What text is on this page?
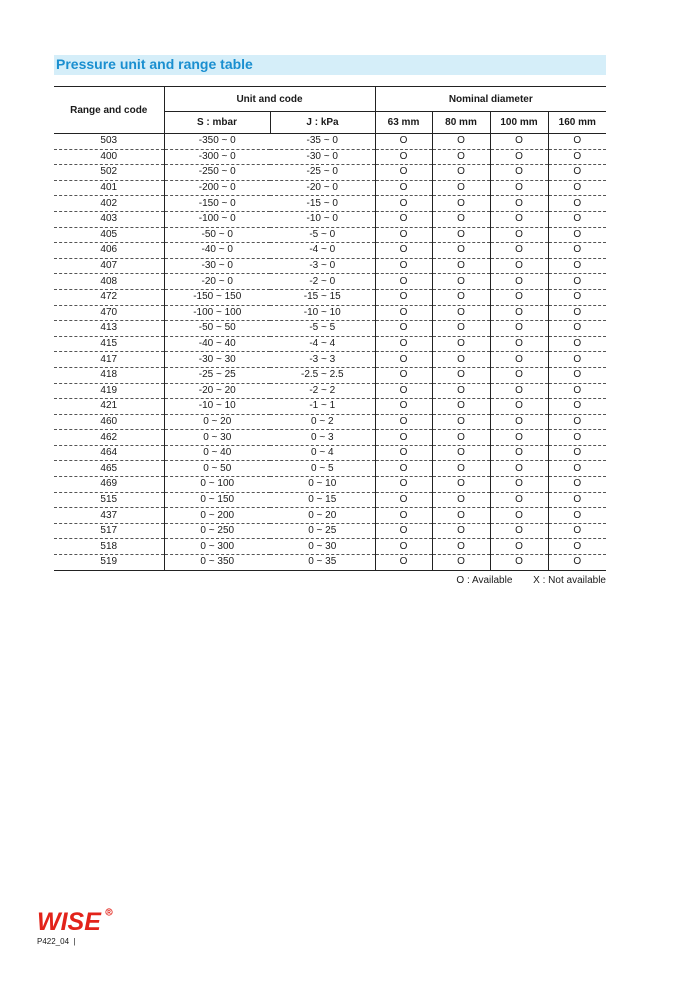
Pressure unit and range table
Range and code	Unit and code		Nominal diameter			
	S : mbar	J : kPa	63 mm	80 mm	100 mm	160 mm
503	-350 ~ 0	-35 ~ 0	O	O	O	O
400	-300 ~ 0	-30 ~ 0	O	O	O	O
502	-250 ~ 0	-25 ~ 0	O	O	O	O
401	-200 ~ 0	-20 ~ 0	O	O	O	O
402	-150 ~ 0	-15 ~ 0	O	O	O	O
403	-100 ~ 0	-10 ~ 0	O	O	O	O
405	-50 ~ 0	-5 ~ 0	O	O	O	O
406	-40 ~ 0	-4 ~ 0	O	O	O	O
407	-30 ~ 0	-3 ~ 0	O	O	O	O
408	-20 ~ 0	-2 ~ 0	O	O	O	O
472	-150 ~ 150	-15 ~ 15	O	O	O	O
470	-100 ~ 100	-10 ~ 10	O	O	O	O
413	-50 ~ 50	-5 ~ 5	O	O	O	O
415	-40 ~ 40	-4 ~ 4	O	O	O	O
417	-30 ~ 30	-3 ~ 3	O	O	O	O
418	-25 ~ 25	-2.5 ~ 2.5	O	O	O	O
419	-20 ~ 20	-2 ~ 2	O	O	O	O
421	-10 ~ 10	-1 ~ 1	O	O	O	O
460	0 ~ 20	0 ~ 2	O	O	O	O
462	0 ~ 30	0 ~ 3	O	O	O	O
464	0 ~ 40	0 ~ 4	O	O	O	O
465	0 ~ 50	0 ~ 5	O	O	O	O
469	0 ~ 100	0 ~ 10	O	O	O	O
515	0 ~ 150	0 ~ 15	O	O	O	O
437	0 ~ 200	0 ~ 20	O	O	O	O
517	0 ~ 250	0 ~ 25	O	O	O	O
518	0 ~ 300	0 ~ 30	O	O	O	O
519	0 ~ 350	0 ~ 35	O	O	O	O
O : Available X : Not available
WISE R
P422_04  |
